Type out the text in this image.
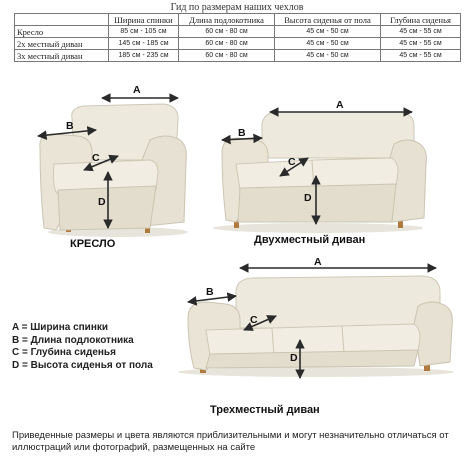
Гид по размерам наших чехлов
	Ширина спинки	Длина подлокотника	Высота сиденья от пола	Глубина сиденья
Кресло	85 см - 105 см	60 см - 80 см	45 см - 50 см	45 см - 55 см
2х местный диван	145 см - 185 см	60 см - 80 см	45 см - 50 см	45 см - 55 см
3х местный диван	185 см - 235 см	60 см - 80 см	45 см - 50 см	45 см - 55 см
A
B
C
D
A
B
C
D
A
B
C
D
КРЕСЛО	Двухместный диван
Трехместный диван
A = Ширина спинки
B = Длина подлокотника
C = Глубина сиденья
D = Высота сиденья от пола
Приведенные размеры и цвета являются приблизительными и могут незначительно отличаться от иллюстраций или фотографий, размещенных на сайте
